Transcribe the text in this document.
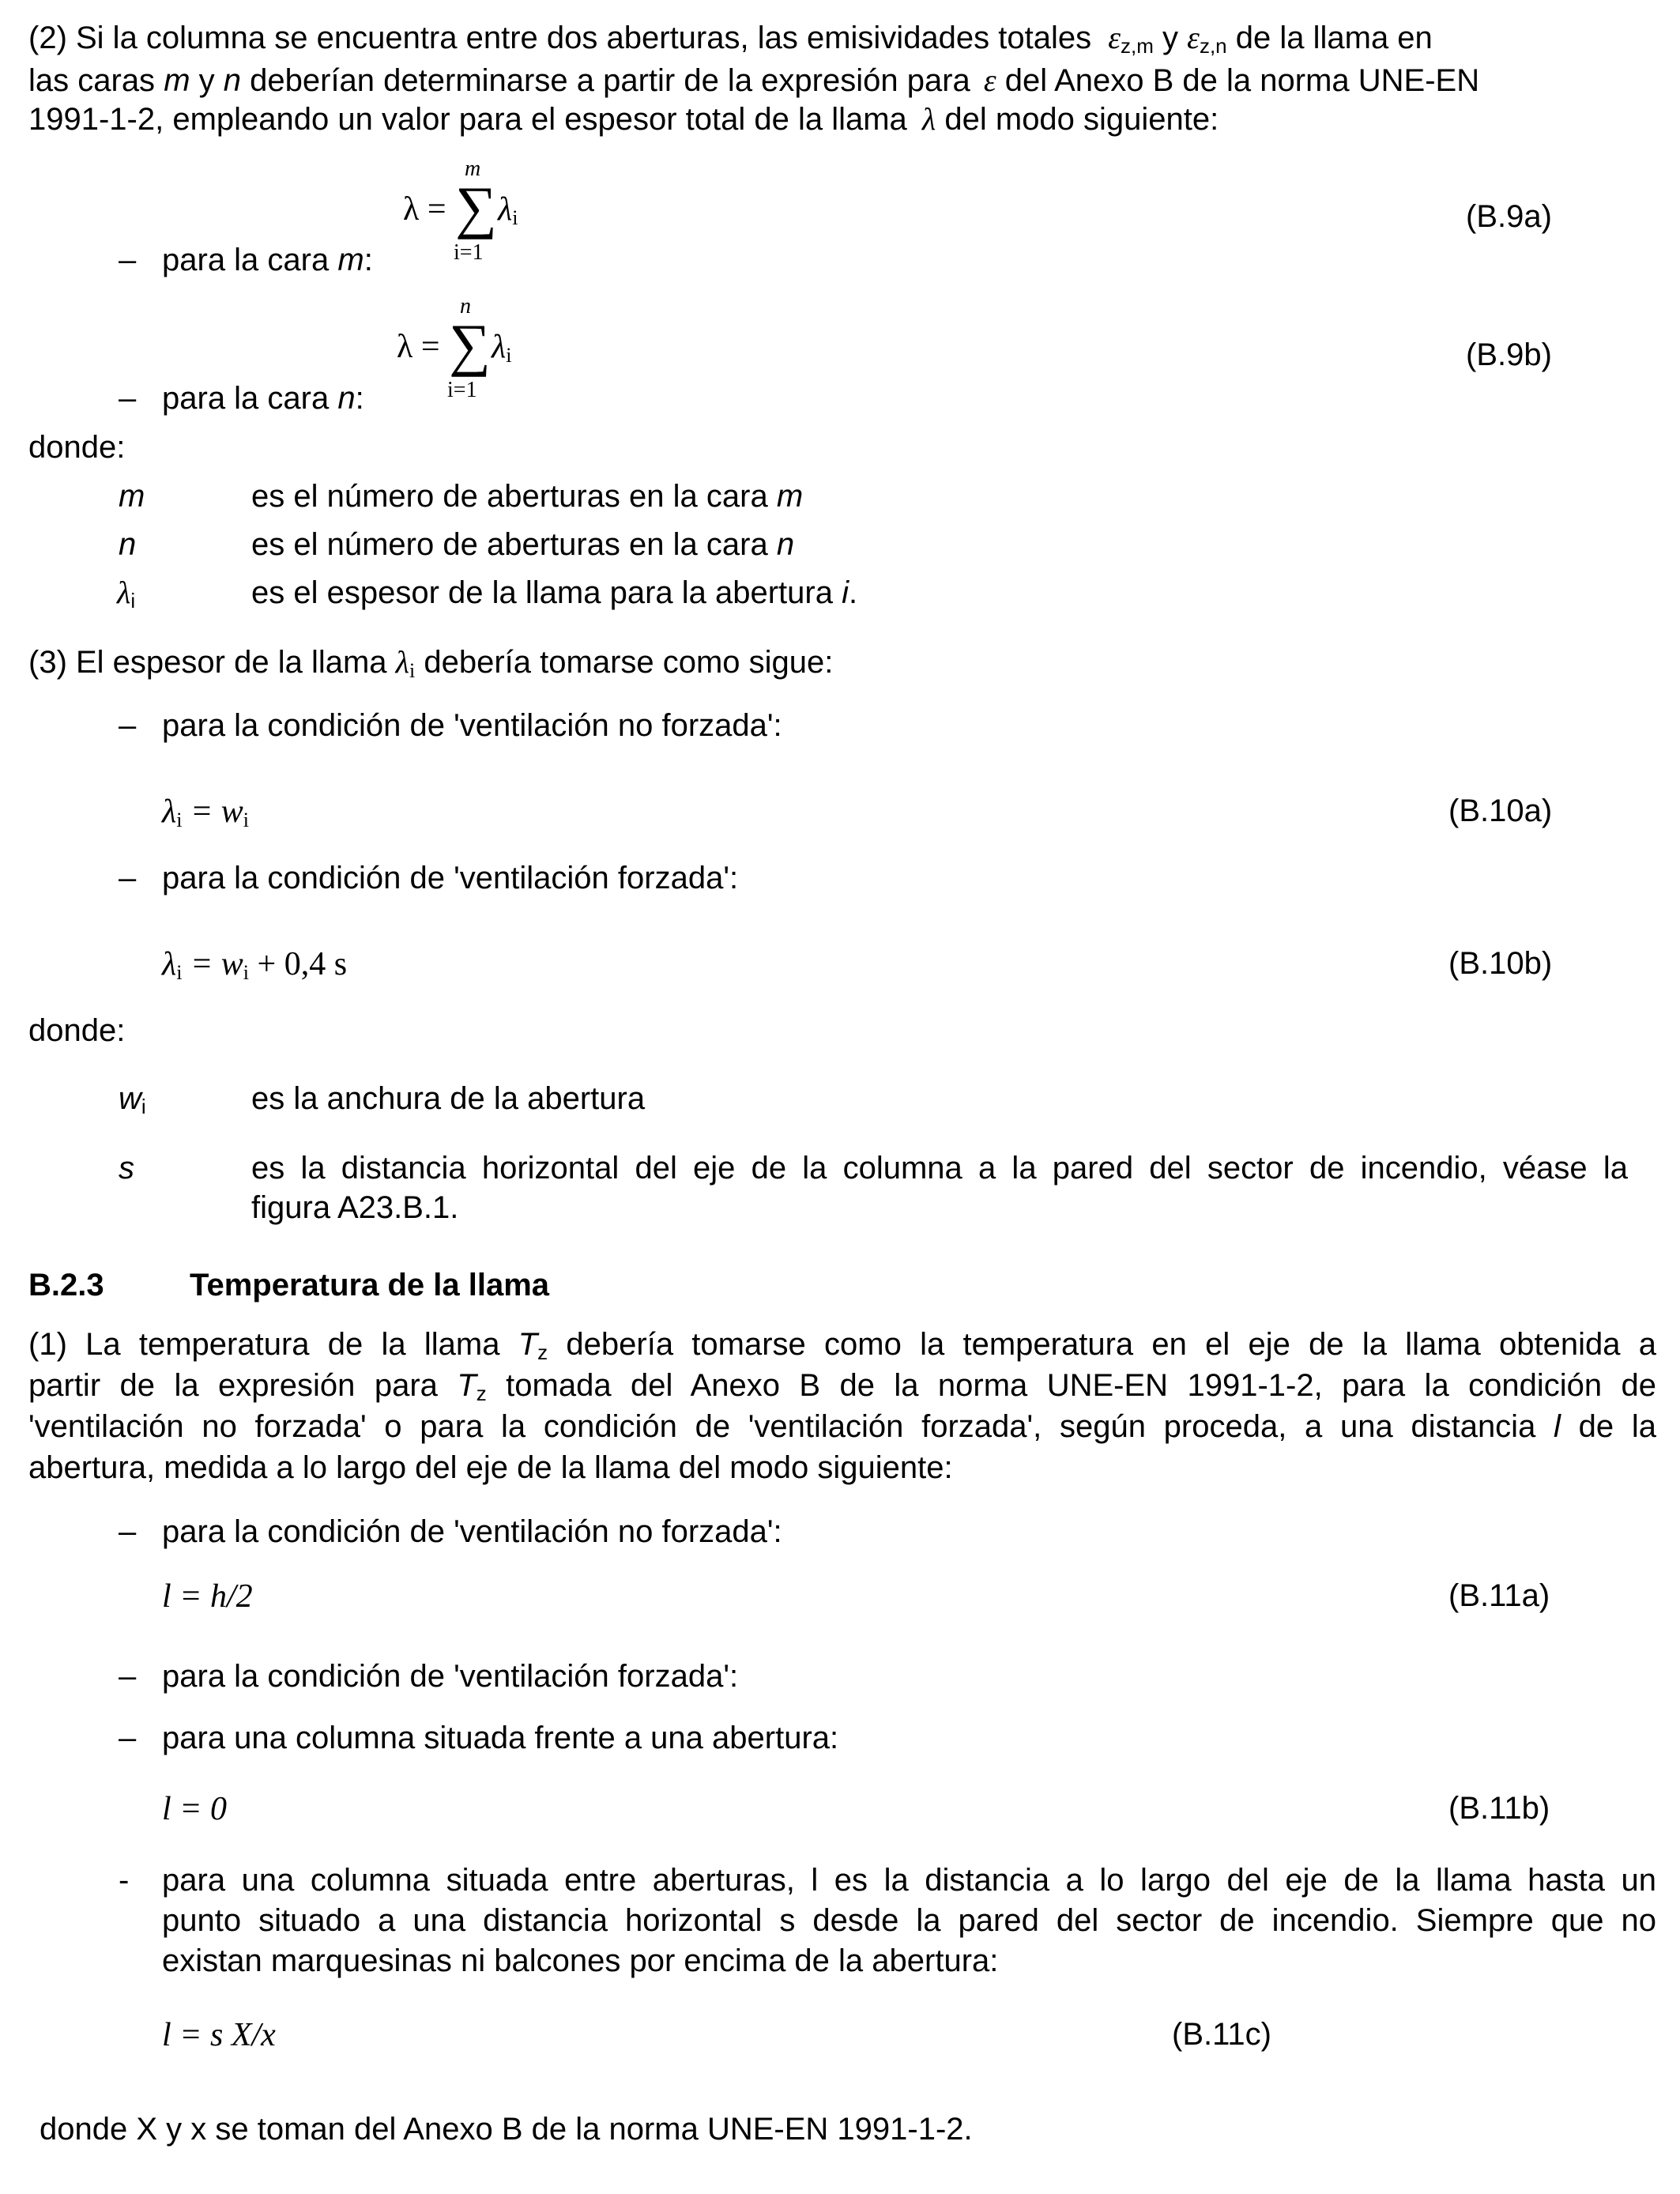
(2) Si la columna se encuentra entre dos aberturas, las emisividades totales $\varepsilon_{z,m}$ y $\varepsilon_{z,n}$ de la llama en
las caras m y n deberían determinarse a partir de la expresión para ε del Anexo B de la norma UNE-EN
1991-1-2, empleando un valor para el espesor total de la llama λ del modo siguiente:
λ =
m
∑
i=1
$\lambda_i$	(B.9a)
– para la cara m:
λ =
n
∑
i=1
$\lambda_i$	(B.9b)
– para la cara n:
donde:
m	es el número de aberturas en la cara m
n	es el número de aberturas en la cara n
$\lambda_i$	es el espesor de la llama para la abertura i.
(3) El espesor de la llama $\lambda_i$ debería tomarse como sigue:
– para la condición de 'ventilación no forzada':
$\lambda_i = w_i$	(B.10a)
– para la condición de 'ventilación forzada':
$\lambda_i = w_i + 0,4$ s	(B.10b)
donde:
$w_i$	es la anchura de la abertura
s	es la distancia horizontal del eje de la columna a la pared del sector de incendio, véase la
figura A23.B.1.
B.2.3	Temperatura de la llama
(1) La temperatura de la llama $T_z$ debería tomarse como la temperatura en el eje de la llama obtenida a
partir de la expresión para $T_z$ tomada del Anexo B de la norma UNE-EN 1991-1-2, para la condición de
'ventilación no forzada' o para la condición de 'ventilación forzada', según proceda, a una distancia l de la
abertura, medida a lo largo del eje de la llama del modo siguiente:
– para la condición de 'ventilación no forzada':
l = h/2	(B.11a)
– para la condición de 'ventilación forzada':
– para una columna situada frente a una abertura:
l = 0	(B.11b)
- para una columna situada entre aberturas, l es la distancia a lo largo del eje de la llama hasta un
punto situado a una distancia horizontal s desde la pared del sector de incendio. Siempre que no
existan marquesinas ni balcones por encima de la abertura:
l = s X/x	(B.11c)
donde X y x se toman del Anexo B de la norma UNE-EN 1991-1-2.
